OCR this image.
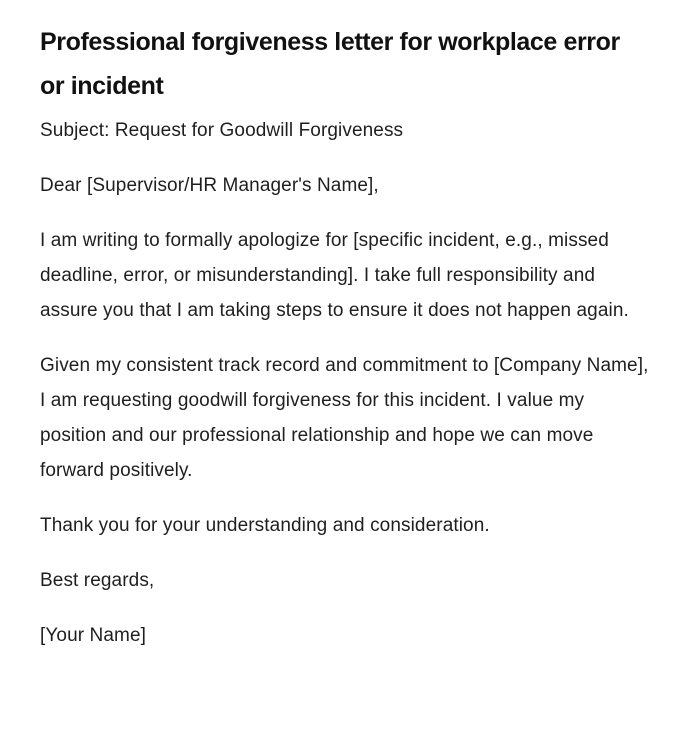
Professional forgiveness letter for workplace error or incident

Subject: Request for Goodwill Forgiveness

Dear [Supervisor/HR Manager's Name],

I am writing to formally apologize for [specific incident, e.g., missed deadline, error, or misunderstanding]. I take full responsibility and assure you that I am taking steps to ensure it does not happen again.

Given my consistent track record and commitment to [Company Name], I am requesting goodwill forgiveness for this incident. I value my position and our professional relationship and hope we can move forward positively.

Thank you for your understanding and consideration.

Best regards,

[Your Name]
